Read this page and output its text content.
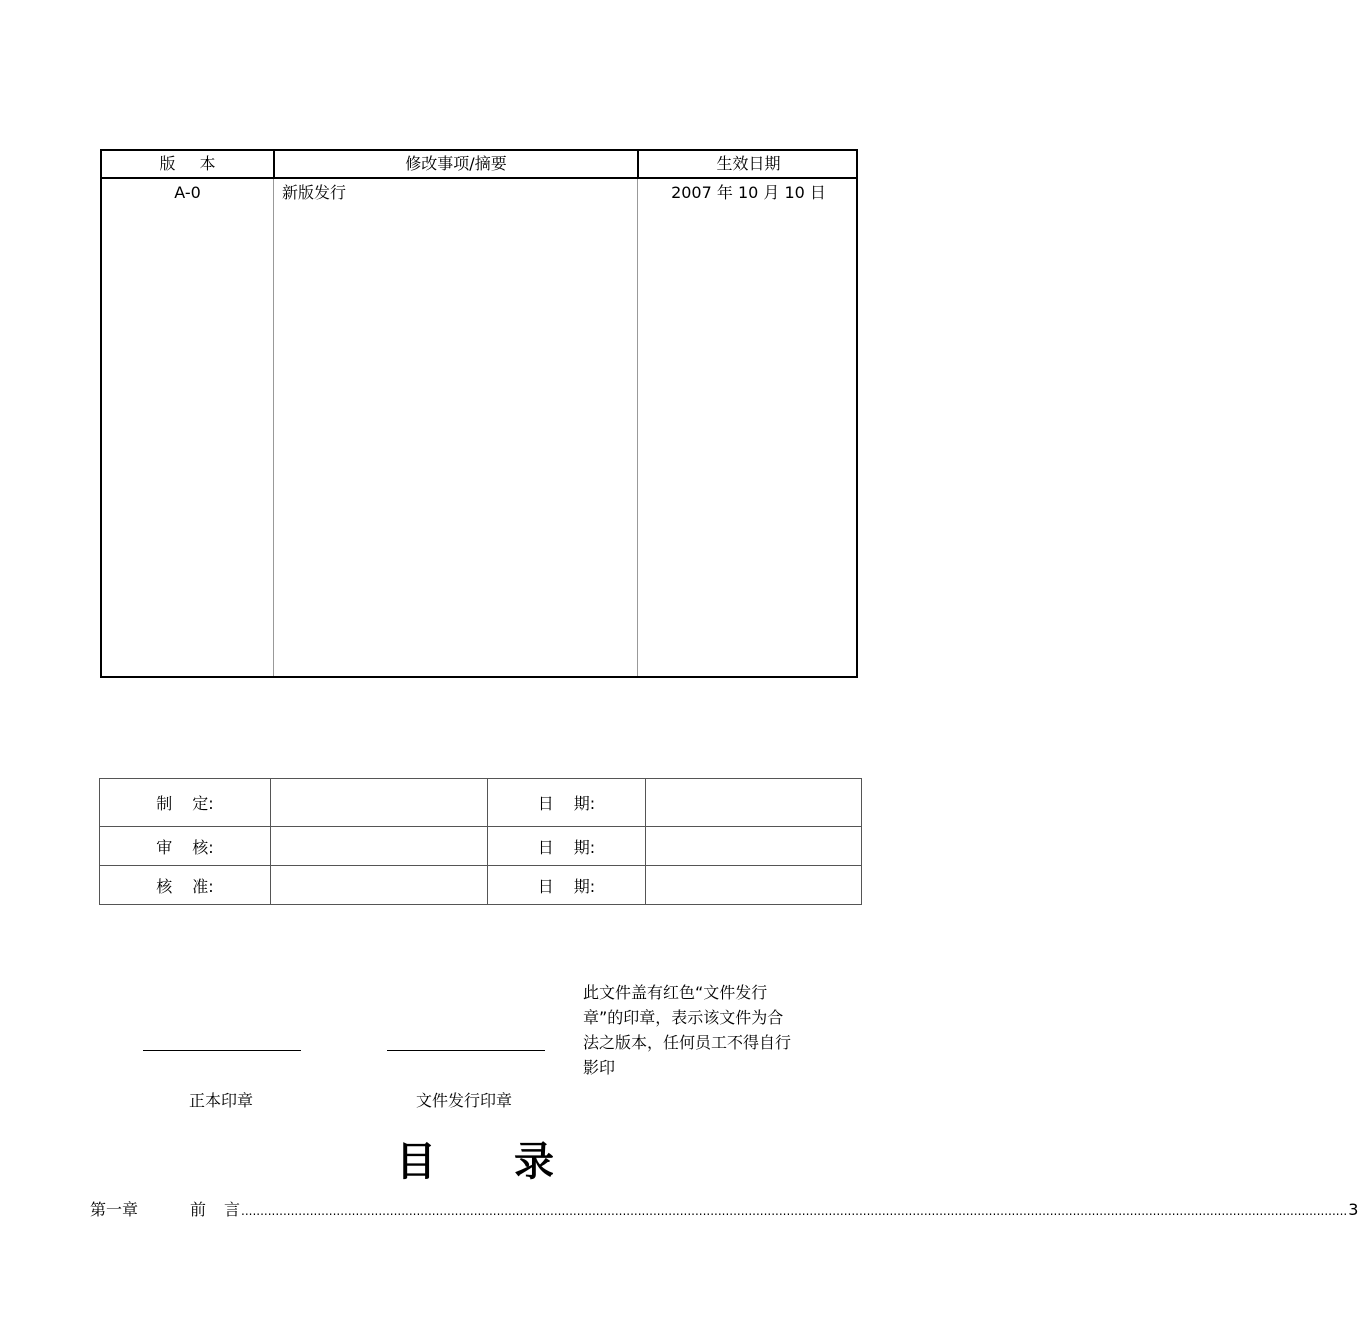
版 本	修改事项/摘要	生效日期
A-0	新版发行	2007 年 10 月 10 日
制 定:		日 期:	
审 核:		日 期:	
核 准:		日 期:	
正本印章	文件发行印章
此文件盖有红色“文件发行章”的印章，表示该文件为合法之版本，任何员工不得自行影印
目 录
第一章	前 言 .................................................................................................................................................................................................................................................................................................. 3
